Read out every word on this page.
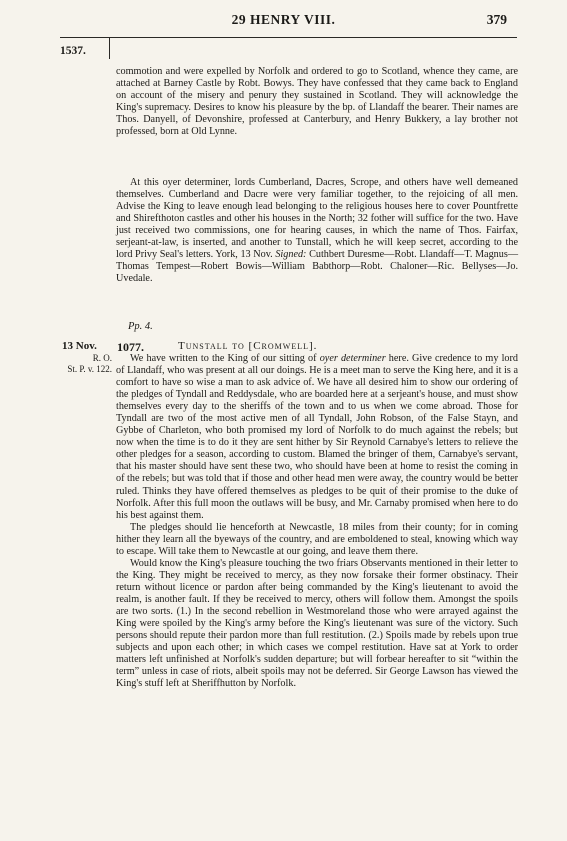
29 HENRY VIII.	379
1537.

commotion and were expelled by Norfolk and ordered to go to Scotland, whence they came, are attached at Barney Castle by Robt. Bowys. They have confessed that they came back to England on account of the misery and penury they sustained in Scotland. They will acknowledge the King's supremacy. Desires to know his pleasure by the bp. of Llandaff the bearer. Their names are Thos. Danyell, of Devonshire, professed at Canterbury, and Henry Bukkery, a lay brother not professed, born at Old Lynne.

At this oyer determiner, lords Cumberland, Dacres, Scrope, and others have well demeaned themselves. Cumberland and Dacre were very familiar together, to the rejoicing of all men. Advise the King to leave enough lead belonging to the religious houses here to cover Pountfrette and Shirefthoton castles and other his houses in the North; 32 fother will suffice for the two. Have just received two commissions, one for hearing causes, in which the name of Thos. Fairfax, serjeant-at-law, is inserted, and another to Tunstall, which he will keep secret, according to the lord Privy Seal's letters. York, 13 Nov. Signed: Cuthbert Duresme—Robt. Llandaff—T. Magnus—Thomas Tempest—Robert Bowis—William Babthorp—Robt. Chaloner—Ric. Bellyses—Jo. Uvedale.

Pp. 4.
13 Nov. 1077.	Tunstall to [Cromwell].
R. O.
St. P. v. 122.

We have written to the King of our sitting of oyer determiner here. Give credence to my lord of Llandaff, who was present at all our doings. He is a meet man to serve the King here, and it is a comfort to have so wise a man to ask advice of. We have all desired him to show our ordering of the pledges of Tyndall and Reddysdale, who are boarded here at a serjeant's house, and must show themselves every day to the sheriffs of the town and to us when we come abroad. Those for Tyndall are two of the most active men of all Tyndall, John Robson, of the False Stayn, and Gybbe of Charleton, who both promised my lord of Norfolk to do much against the rebels; but now when the time is to do it they are sent hither by Sir Reynold Carnabye's letters to relieve the other pledges for a season, according to custom. Blamed the bringer of them, Carnabye's servant, that his master should have sent these two, who should have been at home to resist the coming in of the rebels; but was told that if those and other head men were away, the country would be better ruled. Thinks they have offered themselves as pledges to be quit of their promise to the duke of Norfolk. After this full moon the outlaws will be busy, and Mr. Carnaby promised when here to do his best against them.

The pledges should lie henceforth at Newcastle, 18 miles from their county; for in coming hither they learn all the byeways of the country, and are emboldened to steal, knowing which way to escape. Will take them to Newcastle at our going, and leave them there.

Would know the King's pleasure touching the two friars Observants mentioned in their letter to the King. They might be received to mercy, as they now forsake their former obstinacy. Their return without licence or pardon after being commanded by the King's lieutenant to avoid the realm, is another fault. If they be received to mercy, others will follow them. Amongst the spoils are two sorts. (1.) In the second rebellion in Westmoreland those who were arrayed against the King were spoiled by the King's army before the King's lieutenant was sure of the victory. Such persons should repute their pardon more than full restitution. (2.) Spoils made by rebels upon true subjects and upon each other; in which cases we compel restitution. Have sat at York to order matters left unfinished at Norfolk's sudden departure; but will forbear hereafter to sit “within the term” unless in case of riots, albeit spoils may not be deferred. Sir George Lawson has viewed the King's stuff left at Sheriffhutton by Norfolk.
